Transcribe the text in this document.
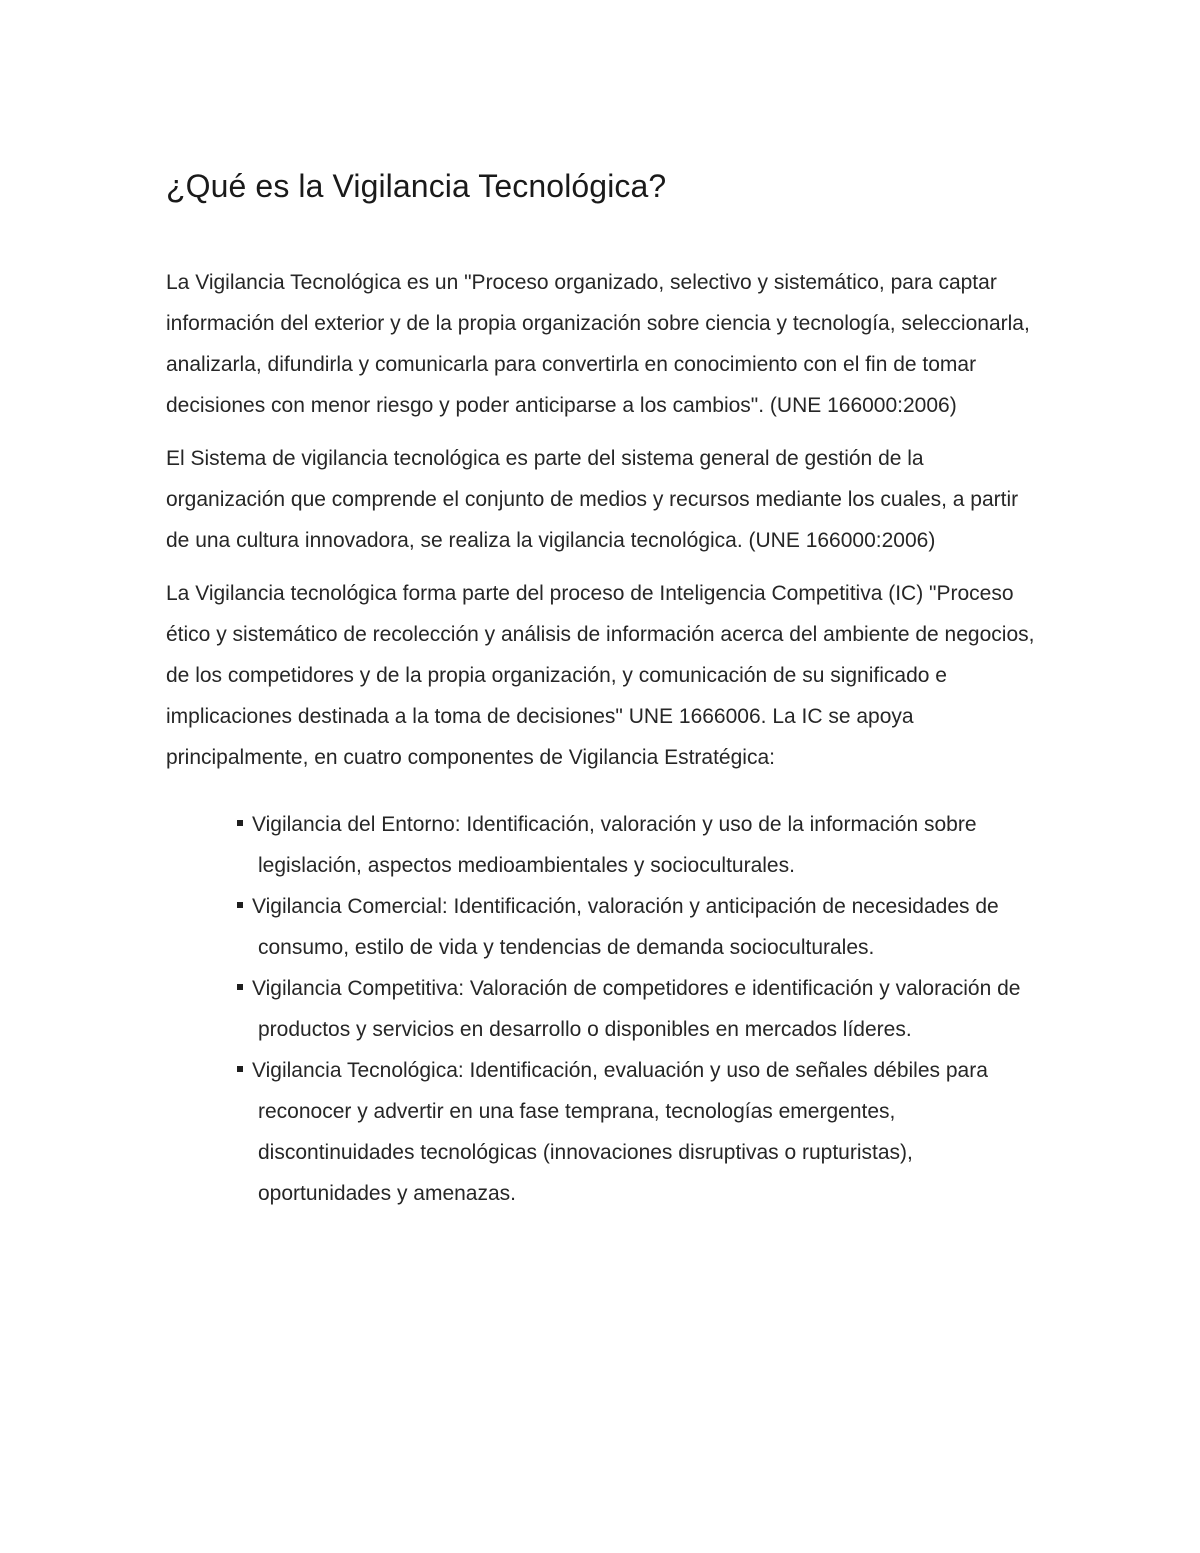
¿Qué es la Vigilancia Tecnológica?

La Vigilancia Tecnológica es un "Proceso organizado, selectivo y sistemático, para captar información del exterior y de la propia organización sobre ciencia y tecnología, seleccionarla, analizarla, difundirla y comunicarla para convertirla en conocimiento con el fin de tomar decisiones con menor riesgo y poder anticiparse a los cambios". (UNE 166000:2006)

El Sistema de vigilancia tecnológica es parte del sistema general de gestión de la organización que comprende el conjunto de medios y recursos mediante los cuales, a partir de una cultura innovadora, se realiza la vigilancia tecnológica. (UNE 166000:2006)

La Vigilancia tecnológica forma parte del proceso de Inteligencia Competitiva (IC) "Proceso ético y sistemático de recolección y análisis de información acerca del ambiente de negocios, de los competidores y de la propia organización, y comunicación de su significado e implicaciones destinada a la toma de decisiones" UNE 1666006. La IC se apoya principalmente, en cuatro componentes de Vigilancia Estratégica:

Vigilancia del Entorno: Identificación, valoración y uso de la información sobre legislación, aspectos medioambientales y socioculturales.
Vigilancia Comercial: Identificación, valoración y anticipación de necesidades de consumo, estilo de vida y tendencias de demanda socioculturales.
Vigilancia Competitiva: Valoración de competidores e identificación y valoración de productos y servicios en desarrollo o disponibles en mercados líderes.
Vigilancia Tecnológica: Identificación, evaluación y uso de señales débiles para reconocer y advertir en una fase temprana, tecnologías emergentes, discontinuidades tecnológicas (innovaciones disruptivas o rupturistas), oportunidades y amenazas.
